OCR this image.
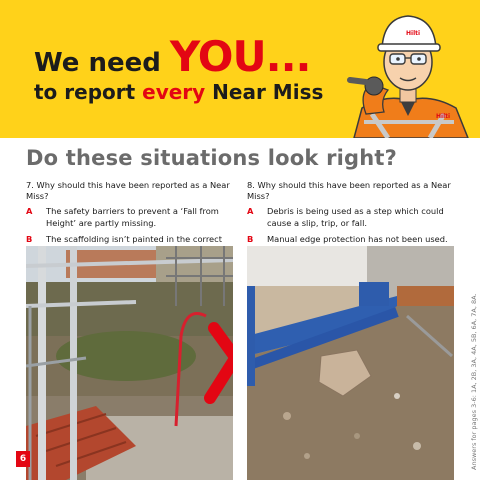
We need YOU...
to report every Near Miss
Hilti
Hilti
Do these situations look right?
7. Why should this have been reported as a Near Miss?
A The safety barriers to prevent a ‘Fall from Height’ are partly missing.
B The scaffolding isn’t painted in the correct
8. Why should this have been reported as a Near Miss?
A Debris is being used as a step which could cause a slip, trip, or fall.
B Manual edge protection has not been used.
6	Answers for pages 3-6: 1A, 2B, 3A, 4A, 5B, 6A, 7A, 8A.
